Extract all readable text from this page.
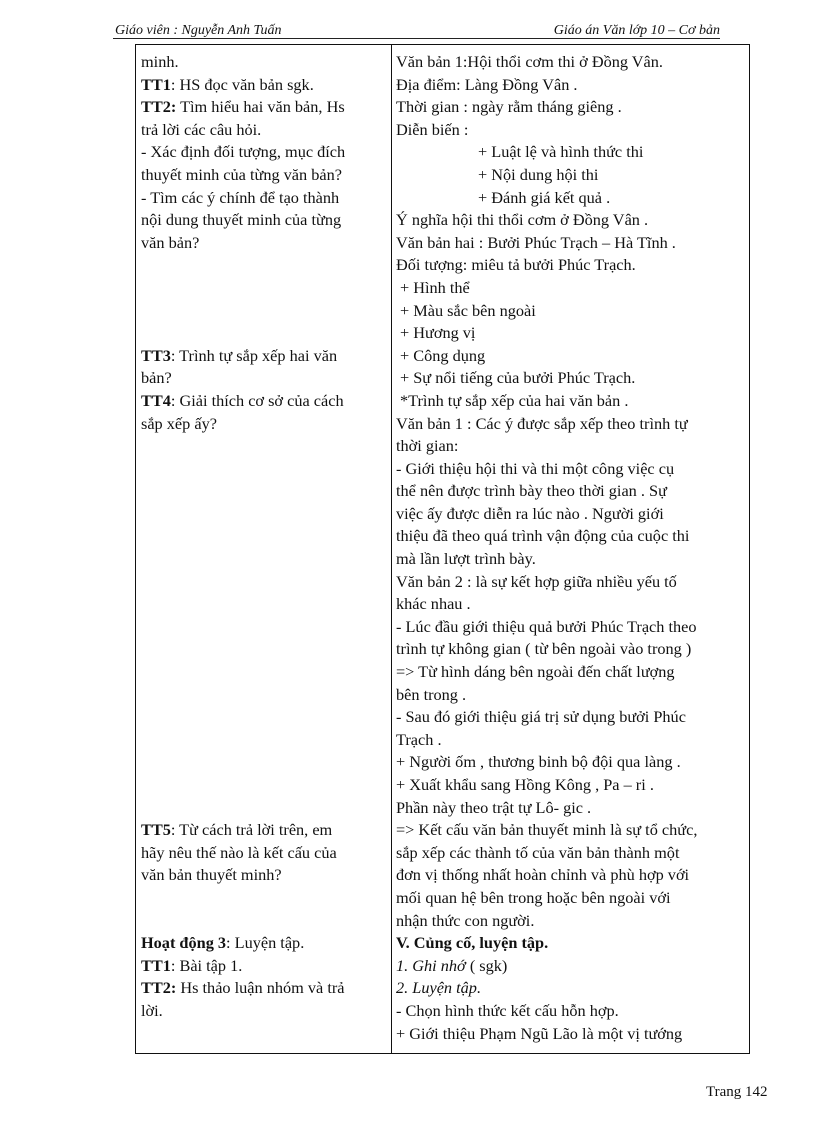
Giáo viên : Nguyễn Anh Tuấn	Giáo án Văn lớp 10 – Cơ bản
minh.
TT1: HS đọc văn bản sgk.
TT2: Tìm hiểu hai văn bản, Hs
trả lời các câu hỏi.
- Xác định đối tượng, mục đích
thuyết minh của từng văn bản?
- Tìm các ý chính để tạo thành
nội dung thuyết minh của từng
văn bản?
TT3: Trình tự sắp xếp hai văn
bản?
TT4: Giải thích cơ sở của cách
sắp xếp ấy?
TT5: Từ cách trả lời trên, em
hãy nêu thế nào là kết cấu của
văn bản thuyết minh?
Hoạt động 3: Luyện tập.
TT1: Bài tập 1.
TT2: Hs thảo luận nhóm và trả
lời.
Văn bản 1:Hội thổi cơm thi ở Đồng Vân.
Địa điểm: Làng Đồng Vân .
Thời gian : ngày rằm tháng giêng .
Diễn biến :
+ Luật lệ và hình thức thi
+ Nội dung hội thi
+ Đánh giá kết quả .
Ý nghĩa hội thi thổi cơm ở Đồng Vân .
Văn bản hai : Bưởi Phúc Trạch – Hà Tĩnh .
Đối tượng: miêu tả bưởi Phúc Trạch.
+ Hình thể
+ Màu sắc bên ngoài
+ Hương vị
+ Công dụng
+ Sự nổi tiếng của bưởi Phúc Trạch.
*Trình tự sắp xếp của hai văn bản .
Văn bản 1 : Các ý được sắp xếp theo trình tự
thời gian:
- Giới thiệu hội thi và thi một công việc cụ
thể nên được trình bày theo thời gian . Sự
việc ấy được diễn ra lúc nào . Người giới
thiệu đã theo quá trình vận động của cuộc thi
mà lần lượt trình bày.
Văn bản 2 : là sự kết hợp giữa nhiều yếu tố
khác nhau .
- Lúc đầu giới thiệu quả bưởi Phúc Trạch theo
trình tự không gian ( từ bên ngoài vào trong )
=> Từ hình dáng bên ngoài đến chất lượng
bên trong .
- Sau đó giới thiệu giá trị sử dụng bưởi Phúc
Trạch .
+ Người ốm , thương binh bộ đội qua làng .
+ Xuất khẩu sang Hồng Kông , Pa – ri .
Phần này theo trật tự Lô- gic .
=> Kết cấu văn bản thuyết minh là sự tổ chức,
sắp xếp các thành tố của văn bản thành một
đơn vị thống nhất hoàn chỉnh và phù hợp với
mối quan hệ bên trong hoặc bên ngoài với
nhận thức con người.
V. Củng cố, luyện tập.
1. Ghi nhớ ( sgk)
2. Luyện tập.
- Chọn hình thức kết cấu hỗn hợp.
+ Giới thiệu Phạm Ngũ Lão là một vị tướng
Trang 142
